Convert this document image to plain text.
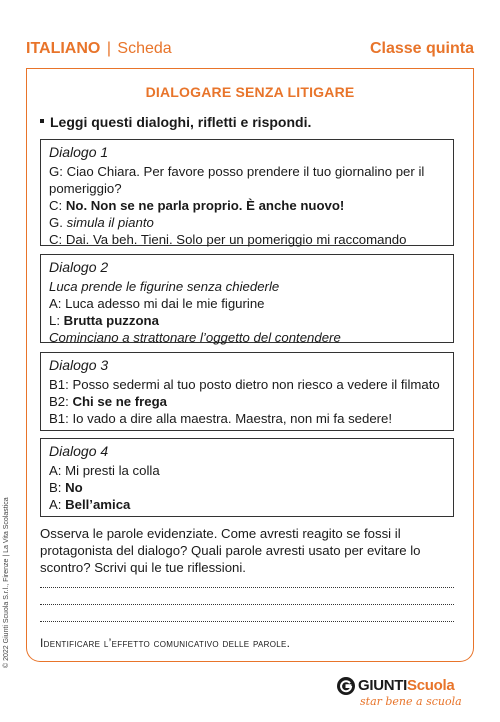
ITALIANO | Scheda	Classe quinta
DIALOGARE SENZA LITIGARE
Leggi questi dialoghi, rifletti e rispondi.
Dialogo 1
G: Ciao Chiara. Per favore posso prendere il tuo giornalino per il pomeriggio?
C: No. Non se ne parla proprio. È anche nuovo!
G. simula il pianto
C: Dai. Va beh. Tieni. Solo per un pomeriggio mi raccomando
Dialogo 2
Luca prende le figurine senza chiederle
A: Luca adesso mi dai le mie figurine
L: Brutta puzzona
Cominciano a strattonare l’oggetto del contendere
Dialogo 3
B1: Posso sedermi al tuo posto dietro non riesco a vedere il filmato
B2: Chi se ne frega
B1: Io vado a dire alla maestra. Maestra, non mi fa sedere!
Dialogo 4
A: Mi presti la colla
B: No
A: Bell’amica
Osserva le parole evidenziate. Come avresti reagito se fossi il protagonista del dialogo? Quali parole avresti usato per evitare lo scontro? Scrivi qui le tue riflessioni.
Identificare l’effetto comunicativo delle parole.
© 2022 Giunti Scuola S.r.l., Firenze | La Vita Scolastica
GIUNTIScuola
star bene a scuola
